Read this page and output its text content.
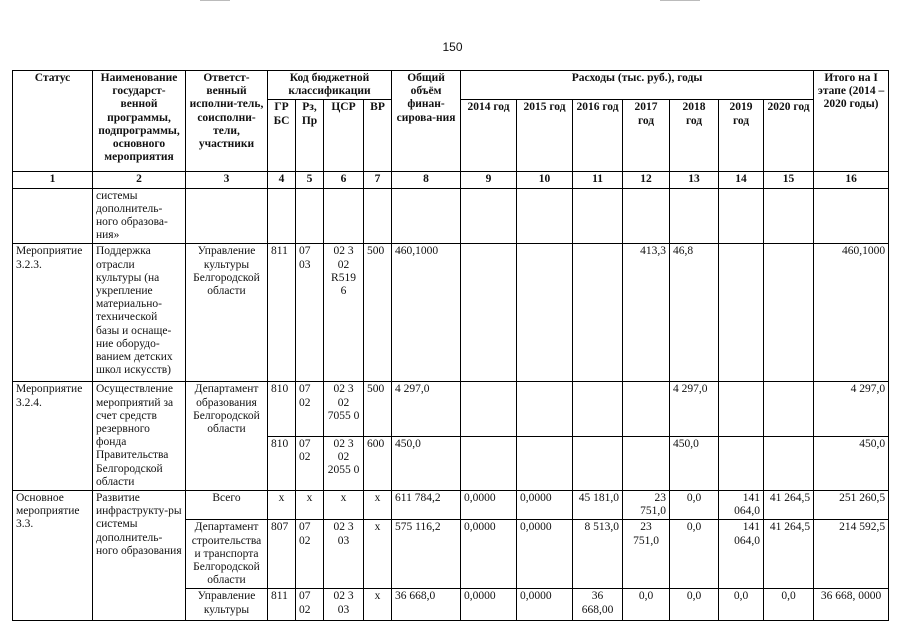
150
Статус	Наименование государст-венной программы, подпрограммы, основного мероприятия	Ответст-венный исполни-тель, соисполни-тели, участники	Код бюджетной классификации				Общий объём финан-сирова-ния	Расходы (тыс. руб.), годы							Итого на I этапе (2014 – 2020 годы)
			ГР БС	Рз, Пр	ЦСР	ВР		2014 год	2015 год	2016 год	2017 год	2018 год	2019 год	2020 год	
1	2	3	4	5	6	7	8	9	10	11	12	13	14	15	16
	системы дополнитель-ного образова-ния»														
Мероприятие 3.2.3.	Поддержка отрасли культуры (на укрепление материально-технической базы и оснаще-ние оборудо-ванием детских школ искусств)	Управление культуры Белгородской области	811	07 03	02 3 02 R519 6	500	460,1000				413,3	46,8			460,1000
Мероприятие 3.2.4.	Осуществление мероприятий за счет средств резервного фонда Правительства Белгородской области	Департамент образования Белгородской области	810	07 02	02 3 02 7055 0	500	4 297,0					4 297,0			4 297,0
			810	07 02	02 3 02 2055 0	600	450,0					450,0			450,0
Основное мероприятие 3.3.	Развитие инфраструкту-ры системы дополнитель-ного образования	Всего	х	х	х	х	611 784,2	0,0000	0,0000	45 181,0	23 751,0	0,0	141 064,0	41 264,5	251 260,5
		Департамент строительства и транспорта Белгородской области	807	07 02	02 3 03	х	575 116,2	0,0000	0,0000	8 513,0	23 751,0	0,0	141 064,0	41 264,5	214 592,5
		Управление культуры	811	07 02	02 3 03	х	36 668,0	0,0000	0,0000	36 668,00	0,0	0,0	0,0	0,0	36 668, 0000
